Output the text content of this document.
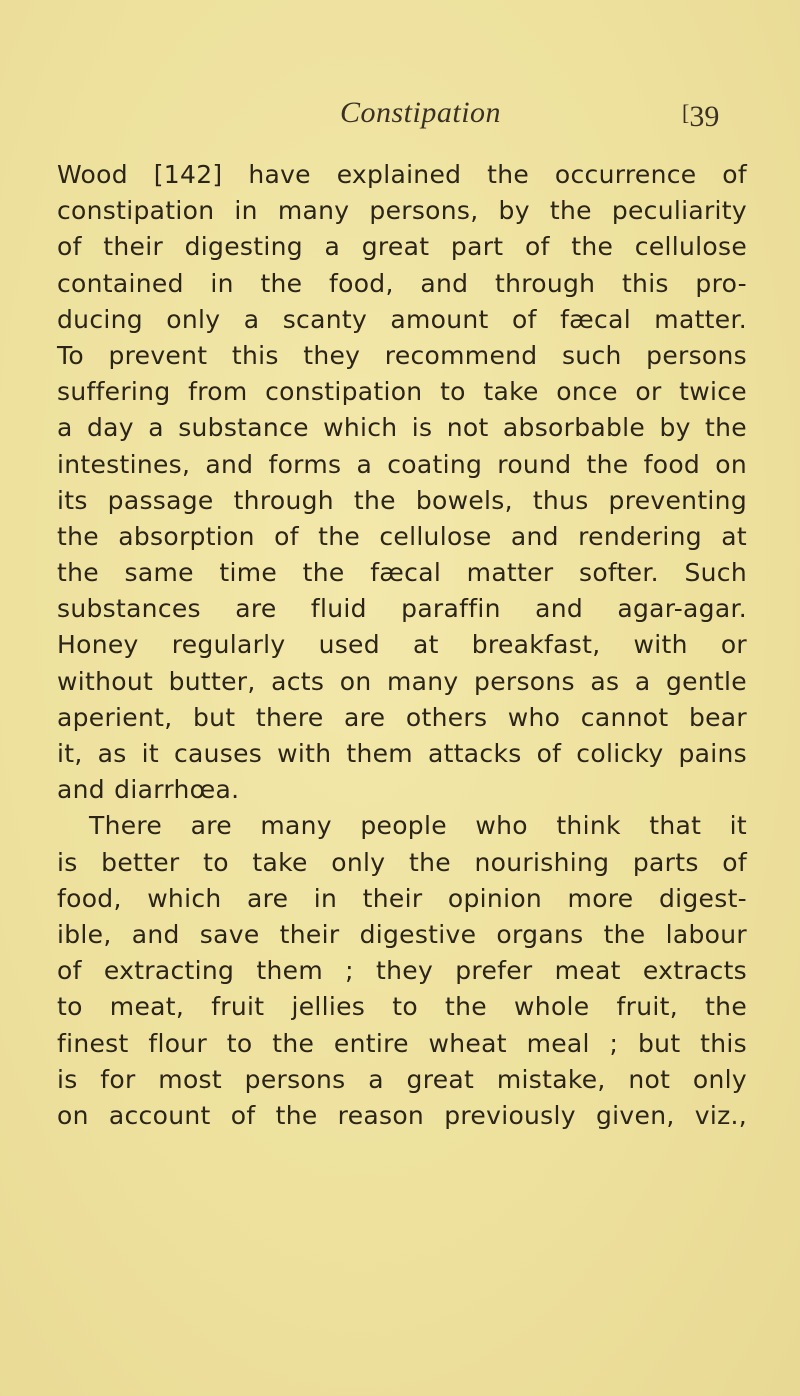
Constipation	[39
Wood [142] have explained the occurrence of
constipation in many persons, by the peculiarity
of their digesting a great part of the cellulose
contained in the food, and through this pro-
ducing only a scanty amount of fæcal matter.
To prevent this they recommend such persons
suffering from constipation to take once or twice
a day a substance which is not absorbable by the
intestines, and forms a coating round the food on
its passage through the bowels, thus preventing
the absorption of the cellulose and rendering at
the same time the fæcal matter softer. Such
substances are fluid paraffin and agar-agar.
Honey regularly used at breakfast, with or
without butter, acts on many persons as a gentle
aperient, but there are others who cannot bear
it, as it causes with them attacks of colicky pains
and diarrhœa.
There are many people who think that it
is better to take only the nourishing parts of
food, which are in their opinion more digest-
ible, and save their digestive organs the labour
of extracting them ; they prefer meat extracts
to meat, fruit jellies to the whole fruit, the
finest flour to the entire wheat meal ; but this
is for most persons a great mistake, not only
on account of the reason previously given, viz.,
